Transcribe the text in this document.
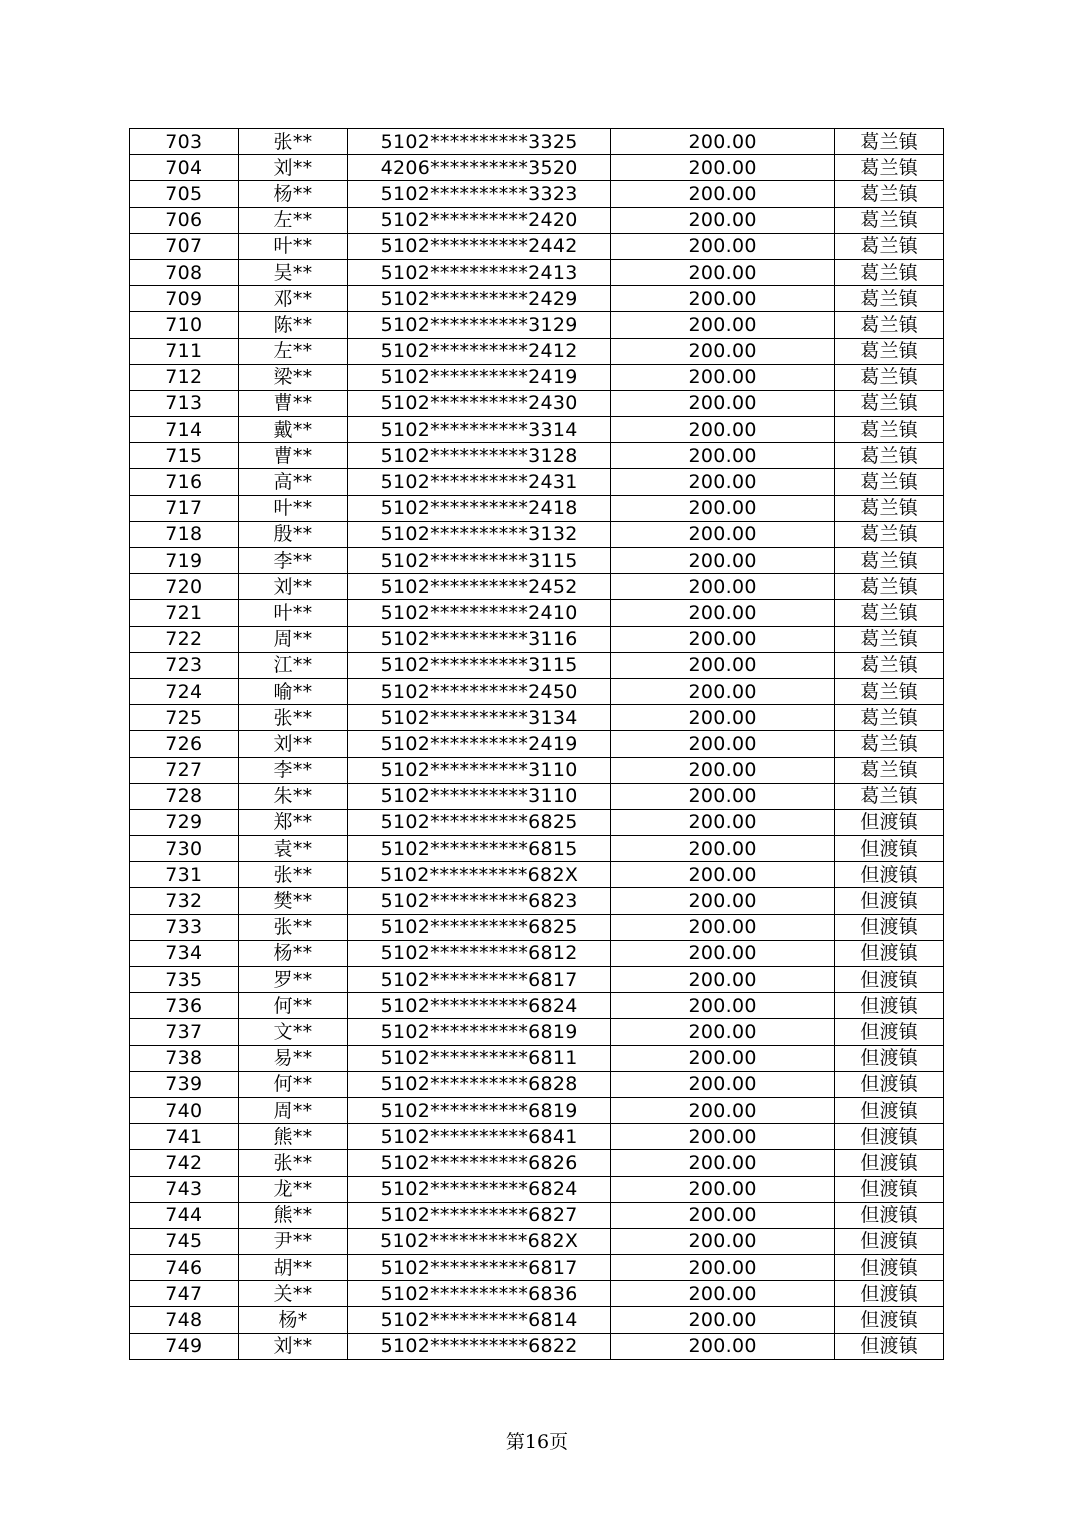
703	张**	5102**********3325	200.00	葛兰镇
704	刘**	4206**********3520	200.00	葛兰镇
705	杨**	5102**********3323	200.00	葛兰镇
706	左**	5102**********2420	200.00	葛兰镇
707	叶**	5102**********2442	200.00	葛兰镇
708	吴**	5102**********2413	200.00	葛兰镇
709	邓**	5102**********2429	200.00	葛兰镇
710	陈**	5102**********3129	200.00	葛兰镇
711	左**	5102**********2412	200.00	葛兰镇
712	梁**	5102**********2419	200.00	葛兰镇
713	曹**	5102**********2430	200.00	葛兰镇
714	戴**	5102**********3314	200.00	葛兰镇
715	曹**	5102**********3128	200.00	葛兰镇
716	高**	5102**********2431	200.00	葛兰镇
717	叶**	5102**********2418	200.00	葛兰镇
718	殷**	5102**********3132	200.00	葛兰镇
719	李**	5102**********3115	200.00	葛兰镇
720	刘**	5102**********2452	200.00	葛兰镇
721	叶**	5102**********2410	200.00	葛兰镇
722	周**	5102**********3116	200.00	葛兰镇
723	江**	5102**********3115	200.00	葛兰镇
724	喻**	5102**********2450	200.00	葛兰镇
725	张**	5102**********3134	200.00	葛兰镇
726	刘**	5102**********2419	200.00	葛兰镇
727	李**	5102**********3110	200.00	葛兰镇
728	朱**	5102**********3110	200.00	葛兰镇
729	郑**	5102**********6825	200.00	但渡镇
730	袁**	5102**********6815	200.00	但渡镇
731	张**	5102**********682X	200.00	但渡镇
732	樊**	5102**********6823	200.00	但渡镇
733	张**	5102**********6825	200.00	但渡镇
734	杨**	5102**********6812	200.00	但渡镇
735	罗**	5102**********6817	200.00	但渡镇
736	何**	5102**********6824	200.00	但渡镇
737	文**	5102**********6819	200.00	但渡镇
738	易**	5102**********6811	200.00	但渡镇
739	何**	5102**********6828	200.00	但渡镇
740	周**	5102**********6819	200.00	但渡镇
741	熊**	5102**********6841	200.00	但渡镇
742	张**	5102**********6826	200.00	但渡镇
743	龙**	5102**********6824	200.00	但渡镇
744	熊**	5102**********6827	200.00	但渡镇
745	尹**	5102**********682X	200.00	但渡镇
746	胡**	5102**********6817	200.00	但渡镇
747	关**	5102**********6836	200.00	但渡镇
748	杨*	5102**********6814	200.00	但渡镇
749	刘**	5102**********6822	200.00	但渡镇
第16页
